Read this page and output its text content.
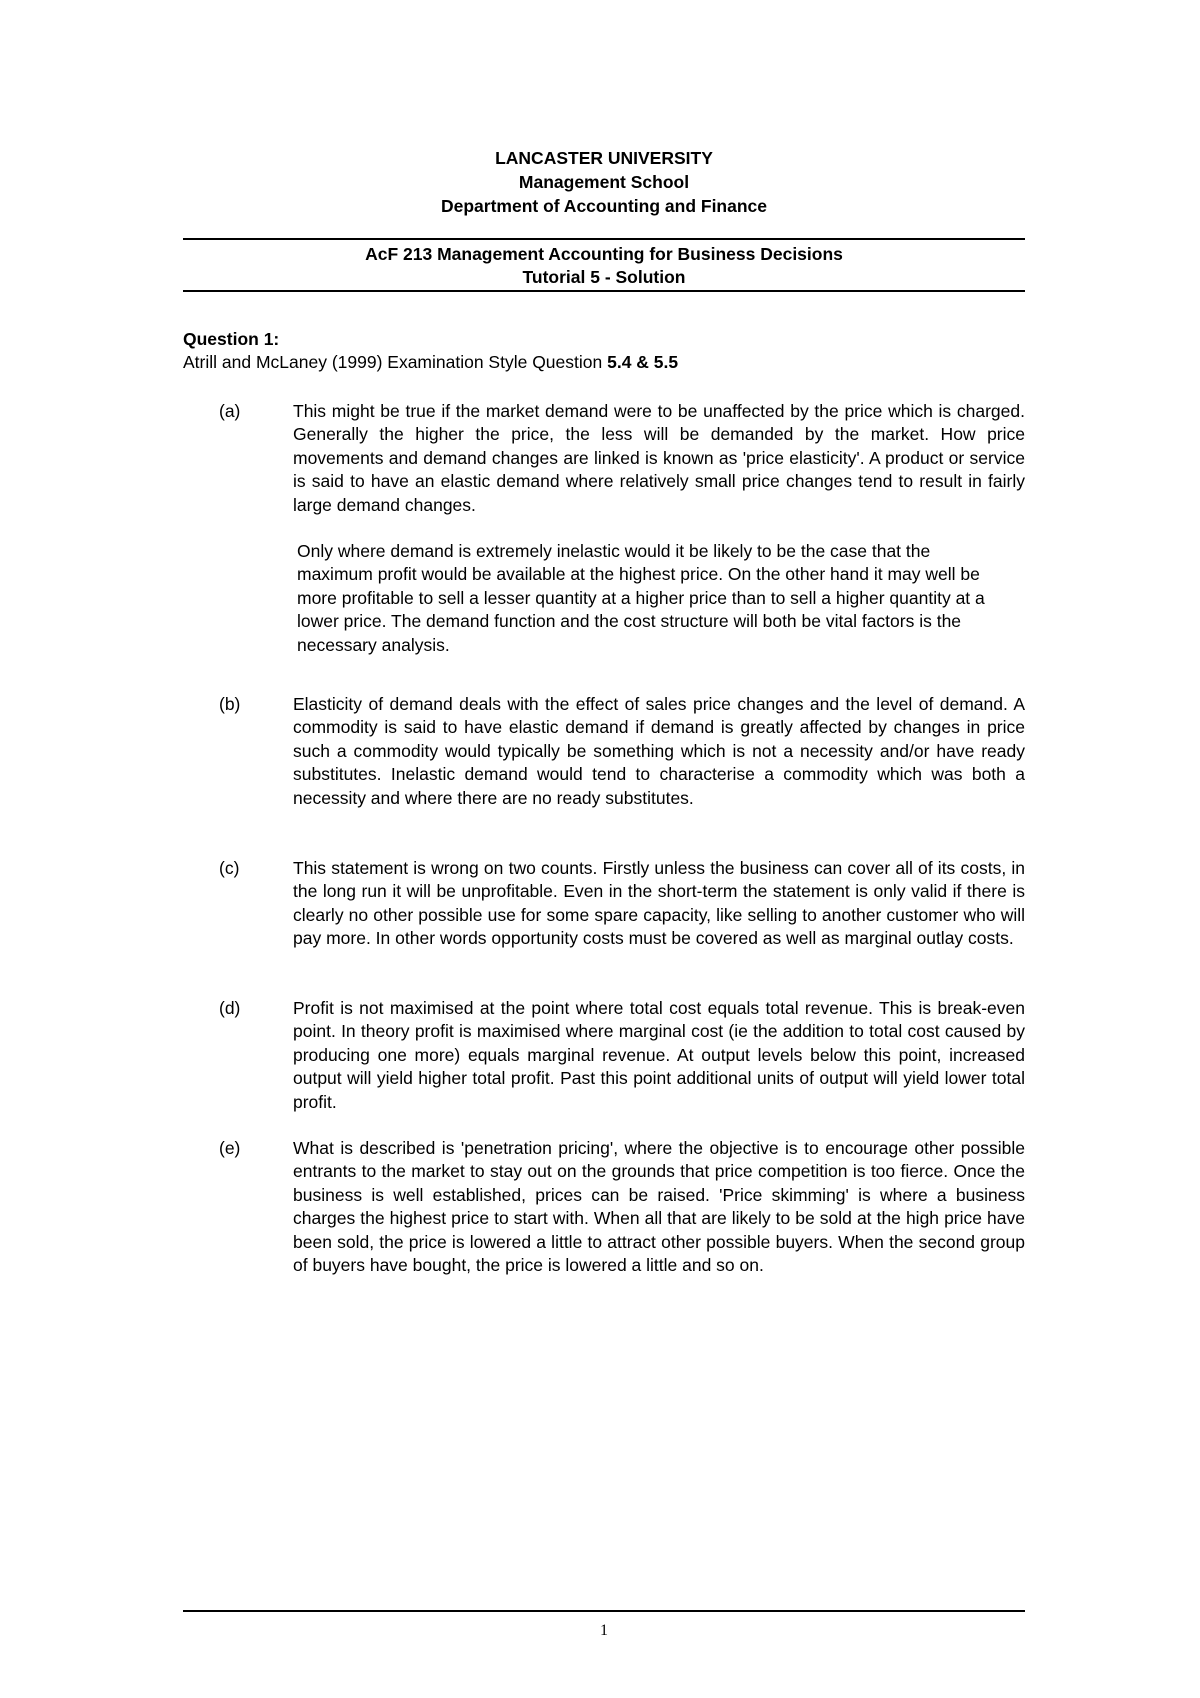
LANCASTER UNIVERSITY
Management School
Department of Accounting and Finance
AcF 213 Management Accounting for Business Decisions
Tutorial 5 - Solution
Question 1:
Atrill and McLaney (1999) Examination Style Question 5.4 & 5.5
(a)	This might be true if the market demand were to be unaffected by the price which is charged. Generally the higher the price, the less will be demanded by the market. How price movements and demand changes are linked is known as 'price elasticity'. A product or service is said to have an elastic demand where relatively small price changes tend to result in fairly large demand changes.
Only where demand is extremely inelastic would it be likely to be the case that the maximum profit would be available at the highest price. On the other hand it may well be more profitable to sell a lesser quantity at a higher price than to sell a higher quantity at a lower price. The demand function and the cost structure will both be vital factors is the necessary analysis.
(b)	Elasticity of demand deals with the effect of sales price changes and the level of demand. A commodity is said to have elastic demand if demand is greatly affected by changes in price such a commodity would typically be something which is not a necessity and/or have ready substitutes. Inelastic demand would tend to characterise a commodity which was both a necessity and where there are no ready substitutes.
(c)	This statement is wrong on two counts. Firstly unless the business can cover all of its costs, in the long run it will be unprofitable. Even in the short-term the statement is only valid if there is clearly no other possible use for some spare capacity, like selling to another customer who will pay more. In other words opportunity costs must be covered as well as marginal outlay costs.
(d)	Profit is not maximised at the point where total cost equals total revenue. This is break-even point. In theory profit is maximised where marginal cost (ie the addition to total cost caused by producing one more) equals marginal revenue. At output levels below this point, increased output will yield higher total profit. Past this point additional units of output will yield lower total profit.
(e)	What is described is 'penetration pricing', where the objective is to encourage other possible entrants to the market to stay out on the grounds that price competition is too fierce. Once the business is well established, prices can be raised. 'Price skimming' is where a business charges the highest price to start with. When all that are likely to be sold at the high price have been sold, the price is lowered a little to attract other possible buyers. When the second group of buyers have bought, the price is lowered a little and so on.
1
